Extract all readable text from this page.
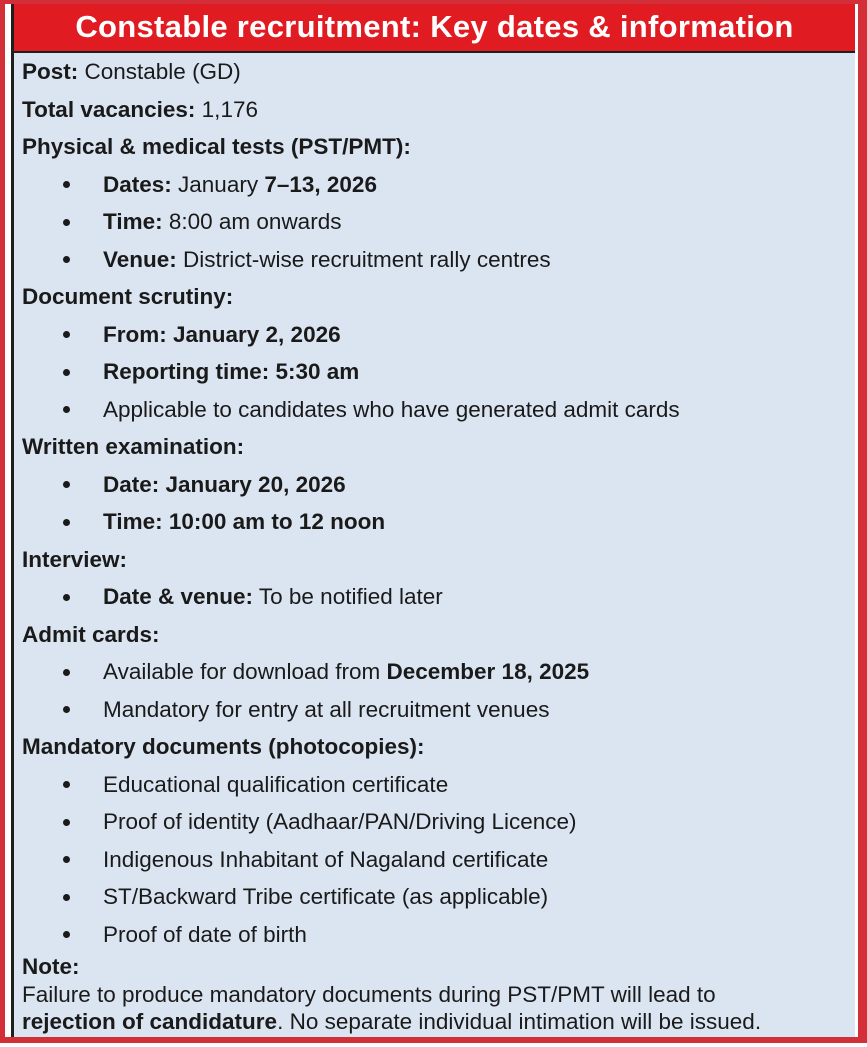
Constable recruitment: Key dates & information
Post: Constable (GD)
Total vacancies: 1,176
Physical & medical tests (PST/PMT):
Dates: January 7–13, 2026
Time: 8:00 am onwards
Venue: District-wise recruitment rally centres
Document scrutiny:
From: January 2, 2026
Reporting time: 5:30 am
Applicable to candidates who have generated admit cards
Written examination:
Date: January 20, 2026
Time: 10:00 am to 12 noon
Interview:
Date & venue: To be notified later
Admit cards:
Available for download from December 18, 2025
Mandatory for entry at all recruitment venues
Mandatory documents (photocopies):
Educational qualification certificate
Proof of identity (Aadhaar/PAN/Driving Licence)
Indigenous Inhabitant of Nagaland certificate
ST/Backward Tribe certificate (as applicable)
Proof of date of birth
Note:
Failure to produce mandatory documents during PST/PMT will lead to
rejection of candidature. No separate individual intimation will be issued.
